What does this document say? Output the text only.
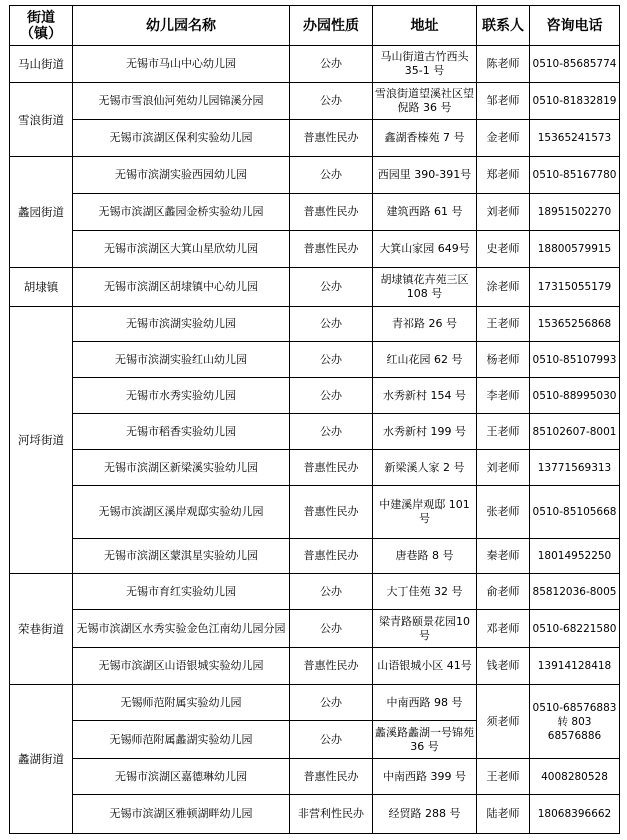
街道（镇）	幼儿园名称	办园性质	地址	联系人	咨询电话
马山街道	无锡市马山中心幼儿园	公办	马山街道古竹西头 35-1 号	陈老师	0510-85685774
雪浪街道	无锡市雪浪仙河苑幼儿园锦溪分园	公办	雪浪街道望溪社区望倪路 36 号	邹老师	0510-81832819
	无锡市滨湖区保利实验幼儿园	普惠性民办	鑫湖香榛苑 7 号	金老师	15365241573
蠡园街道	无锡市滨湖实验西园幼儿园	公办	西园里 390-391号	郑老师	0510-85167780
	无锡市滨湖区蠡园金桥实验幼儿园	普惠性民办	建筑西路 61 号	刘老师	18951502270
	无锡市滨湖区大箕山星欣幼儿园	普惠性民办	大箕山家园 649号	史老师	18800579915
胡埭镇	无锡市滨湖区胡埭镇中心幼儿园	公办	胡埭镇花卉苑三区 108 号	涂老师	17315055179
河埒街道	无锡市滨湖实验幼儿园	公办	青祁路 26 号	王老师	15365256868
	无锡市滨湖实验红山幼儿园	公办	红山花园 62 号	杨老师	0510-85107993
	无锡市水秀实验幼儿园	公办	水秀新村 154 号	李老师	0510-88995030
	无锡市稻香实验幼儿园	公办	水秀新村 199 号	王老师	85102607-8001
	无锡市滨湖区新梁溪实验幼儿园	普惠性民办	新梁溪人家 2 号	刘老师	13771569313
	无锡市滨湖区溪岸观邸实验幼儿园	普惠性民办	中建溪岸观邸 101号	张老师	0510-85105668
	无锡市滨湖区蒙淇星实验幼儿园	普惠性民办	唐巷路 8 号	秦老师	18014952250
荣巷街道	无锡市育红实验幼儿园	公办	大丁佳苑 32 号	俞老师	85812036-8005
	无锡市滨湖区水秀实验金色江南幼儿园分园	公办	梁青路颐景花园10 号	邓老师	0510-68221580
	无锡市滨湖区山语银城实验幼儿园	普惠性民办	山语银城小区 41号	钱老师	13914128418
蠡湖街道	无锡师范附属实验幼儿园	公办	中南西路 98 号	须老师	0510-68576883 转 803 68576886
	无锡师范附属蠡湖实验幼儿园	公办	蠡溪路蠡湖一号锦苑 36 号		
	无锡市滨湖区嘉德琳幼儿园	普惠性民办	中南西路 399 号	王老师	4008280528
	无锡市滨湖区雅顿湖畔幼儿园	非营利性民办	经贸路 288 号	陆老师	18068396662
